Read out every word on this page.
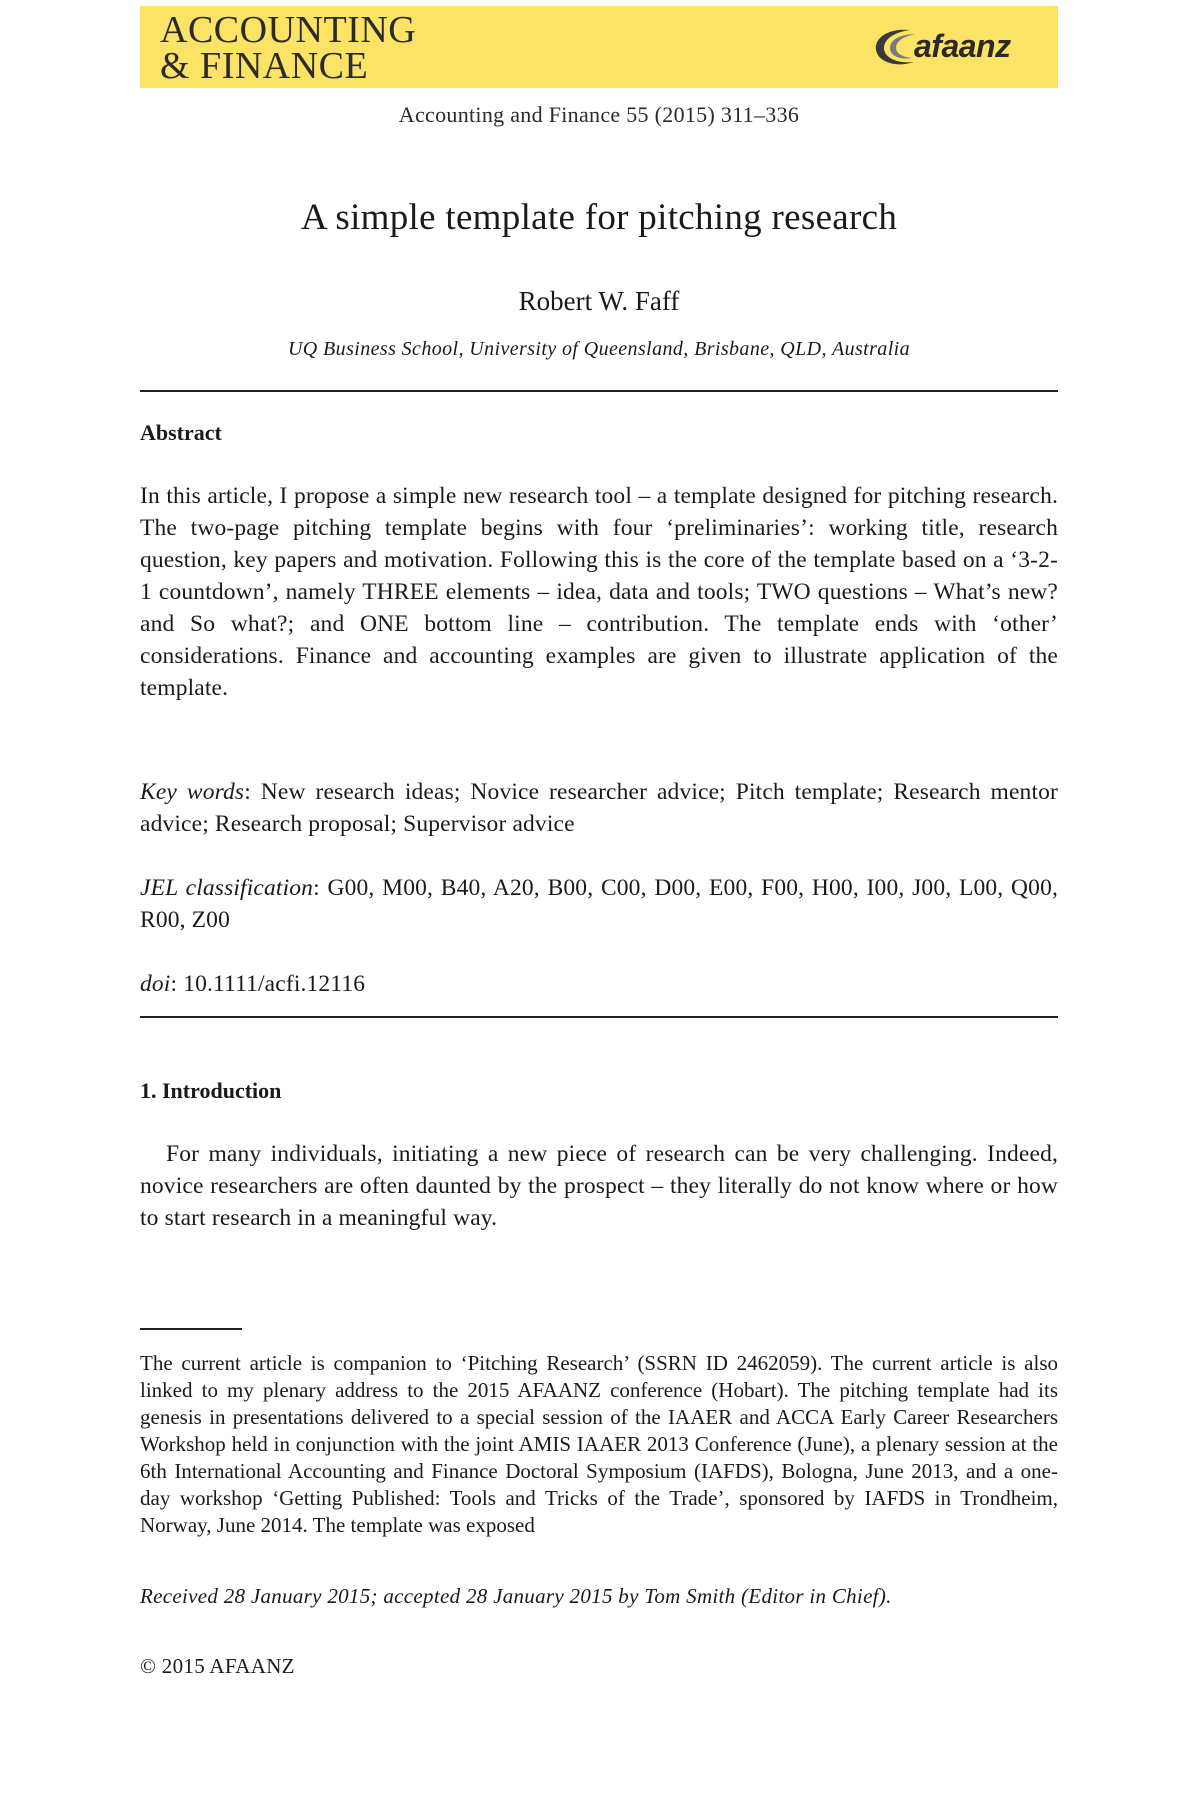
ACCOUNTING
& FINANCE	afaanz
Accounting and Finance 55 (2015) 311–336
A simple template for pitching research
Robert W. Faff
UQ Business School, University of Queensland, Brisbane, QLD, Australia
Abstract
In this article, I propose a simple new research tool – a template designed for pitching research. The two-page pitching template begins with four ‘preliminaries’: working title, research question, key papers and motivation. Following this is the core of the template based on a ‘3-2-1 countdown’, namely THREE elements – idea, data and tools; TWO questions – What’s new? and So what?; and ONE bottom line – contribution. The template ends with ‘other’ considerations. Finance and accounting examples are given to illustrate application of the template.
Key words: New research ideas; Novice researcher advice; Pitch template; Research mentor advice; Research proposal; Supervisor advice
JEL classification: G00, M00, B40, A20, B00, C00, D00, E00, F00, H00, I00, J00, L00, Q00, R00, Z00
doi: 10.1111/acfi.12116
1. Introduction
For many individuals, initiating a new piece of research can be very challenging. Indeed, novice researchers are often daunted by the prospect – they literally do not know where or how to start research in a meaningful way.
The current article is companion to ‘Pitching Research’ (SSRN ID 2462059). The current article is also linked to my plenary address to the 2015 AFAANZ conference (Hobart). The pitching template had its genesis in presentations delivered to a special session of the IAAER and ACCA Early Career Researchers Workshop held in conjunction with the joint AMIS IAAER 2013 Conference (June), a plenary session at the 6th International Accounting and Finance Doctoral Symposium (IAFDS), Bologna, June 2013, and a one-day workshop ‘Getting Published: Tools and Tricks of the Trade’, sponsored by IAFDS in Trondheim, Norway, June 2014. The template was exposed
Received 28 January 2015; accepted 28 January 2015 by Tom Smith (Editor in Chief).
© 2015 AFAANZ
